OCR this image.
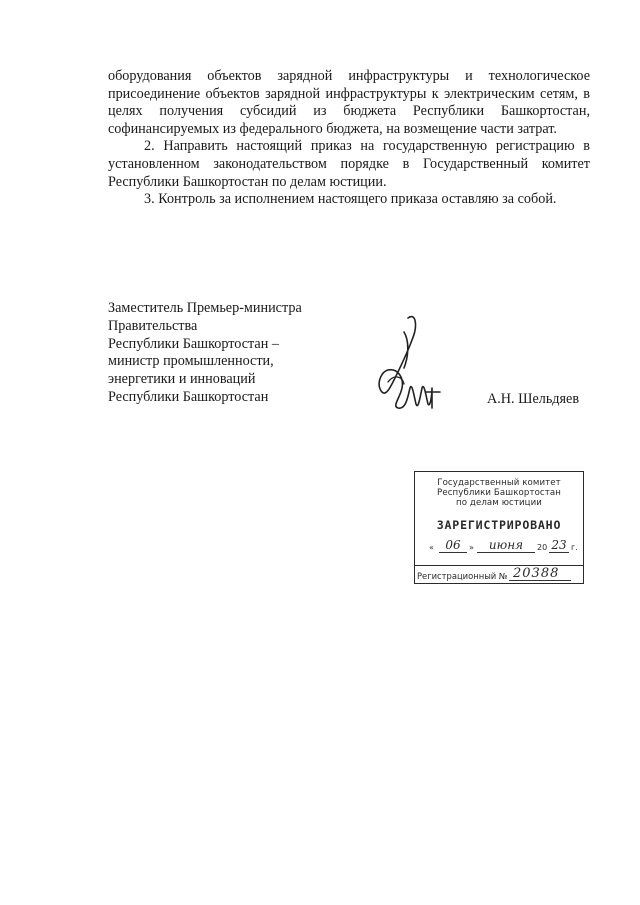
оборудования объектов зарядной инфраструктуры и технологическое присоединение объектов зарядной инфраструктуры к электрическим сетям, в целях получения субсидий из бюджета Республики Башкортостан, софинансируемых из федерального бюджета, на возмещение части затрат.

2. Направить настоящий приказ на государственную регистрацию в установленном законодательством порядке в Государственный комитет Республики Башкортостан по делам юстиции.

3. Контроль за исполнением настоящего приказа оставляю за собой.

Заместитель Премьер-министра
Правительства
Республики Башкортостан –
министр промышленности,
энергетики и инноваций
Республики Башкортостан	А.Н. Шельдяев
Государственный комитет
Республики Башкортостан
по делам юстиции
ЗАРЕГИСТРИРОВАНО
« 06	»	июня	20 23 г.
Регистрационный № 20388
